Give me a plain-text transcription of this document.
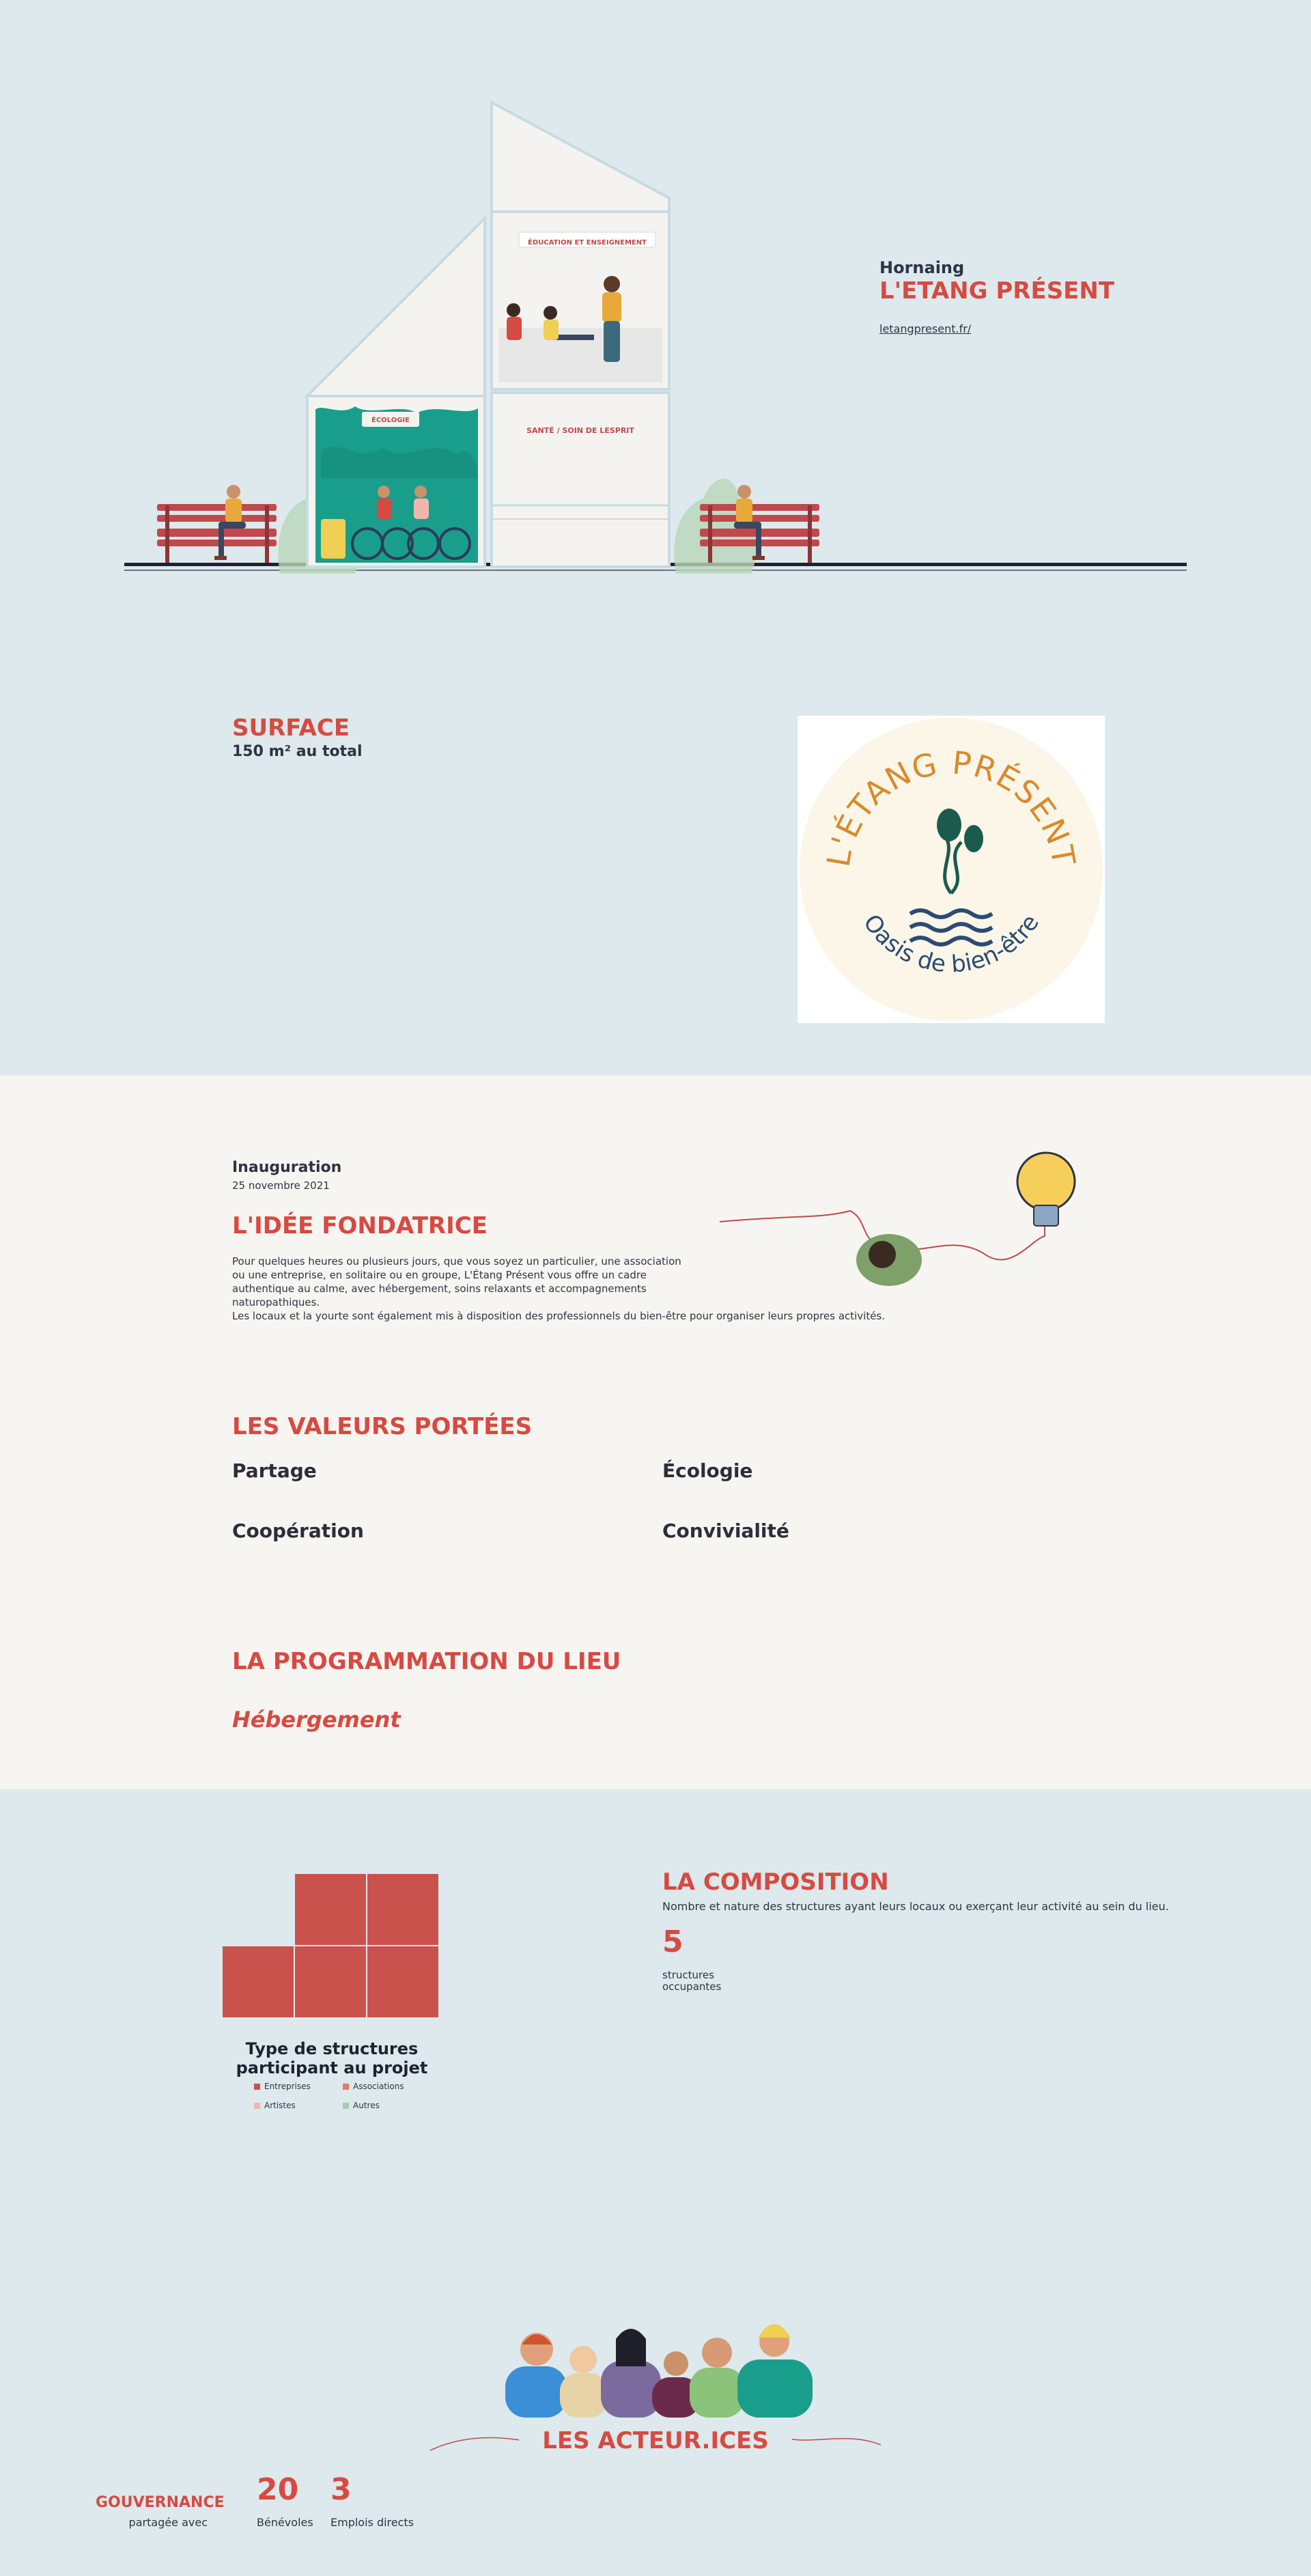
ÉDUCATION ET ENSEIGNEMENT
ÉCOLOGIE
SANTÉ / SOIN DE LESPRIT
Hornaing
L'ETANG PRÉSENT
letangpresent.fr/
SURFACE
150 m² au total
L'ÉTANG PRÉSENT
Oasis de bien-être
Inauguration
25 novembre 2021
L'IDÉE FONDATRICE
Pour quelques heures ou plusieurs jours, que vous soyez un particulier, une association
ou une entreprise, en solitaire ou en groupe, L'Étang Présent vous offre un cadre
authentique au calme, avec hébergement, soins relaxants et accompagnements
naturopathiques.
Les locaux et la yourte sont également mis à disposition des professionnels du bien-être pour organiser leurs propres activités.
LES VALEURS PORTÉES
Partage	Écologie
Coopération	Convivialité
LA PROGRAMMATION DU LIEU
Hébergement
Type de structures
participant au projet
Entreprises	Associations
Artistes	Autres
LA COMPOSITION
Nombre et nature des structures ayant leurs locaux ou exerçant leur activité au sein du lieu.
5
structures
occupantes
LES ACTEUR.ICES
GOUVERNANCE
partagée avec
20
Bénévoles
3
Emplois directs
